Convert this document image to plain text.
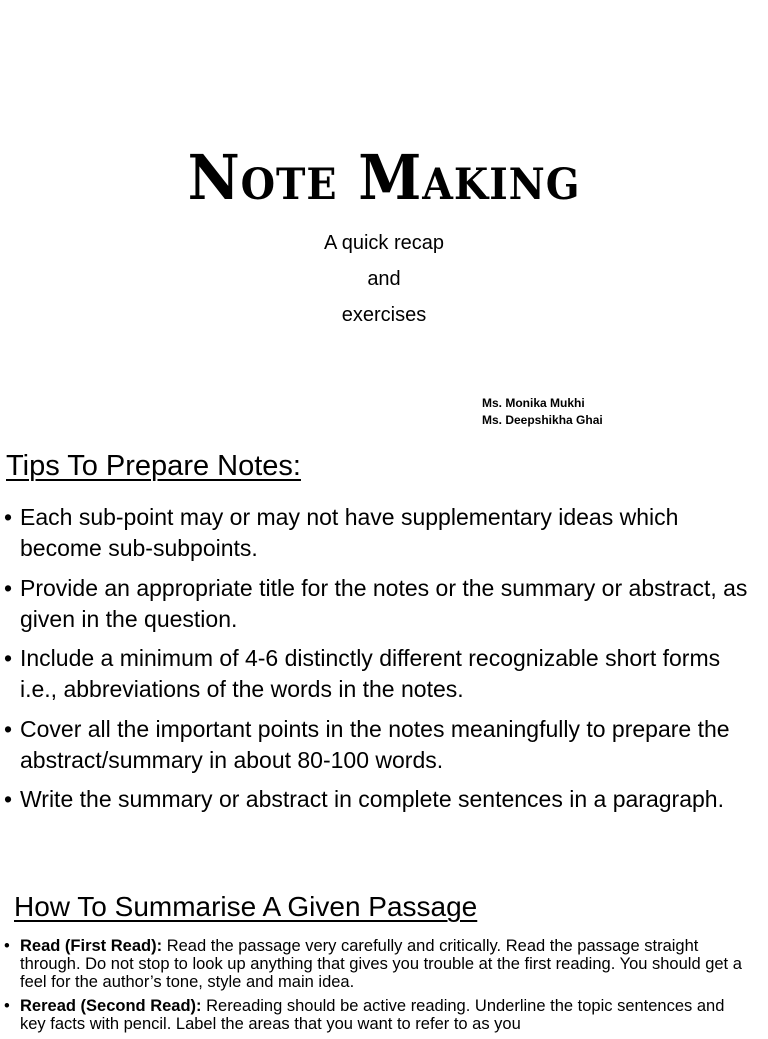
Note Making
A quick recap
and
exercises
Ms. Monika Mukhi
Ms. Deepshikha Ghai
Tips To Prepare Notes:
• Each sub-point may or may not have supplementary ideas which become sub-subpoints.
• Provide an appropriate title for the notes or the summary or abstract, as given in the question.
• Include a minimum of 4-6 distinctly different recognizable short forms i.e., abbreviations of the words in the notes.
• Cover all the important points in the notes meaningfully to prepare the abstract/summary in about 80-100 words.
• Write the summary or abstract in complete sentences in a paragraph.
How To Summarise A Given Passage
• Read (First Read): Read the passage very carefully and critically. Read the passage straight through. Do not stop to look up anything that gives you trouble at the first reading. You should get a feel for the author’s tone, style and main idea.
• Reread (Second Read): Rereading should be active reading. Underline the topic sentences and key facts with pencil. Label the areas that you want to refer to as you
